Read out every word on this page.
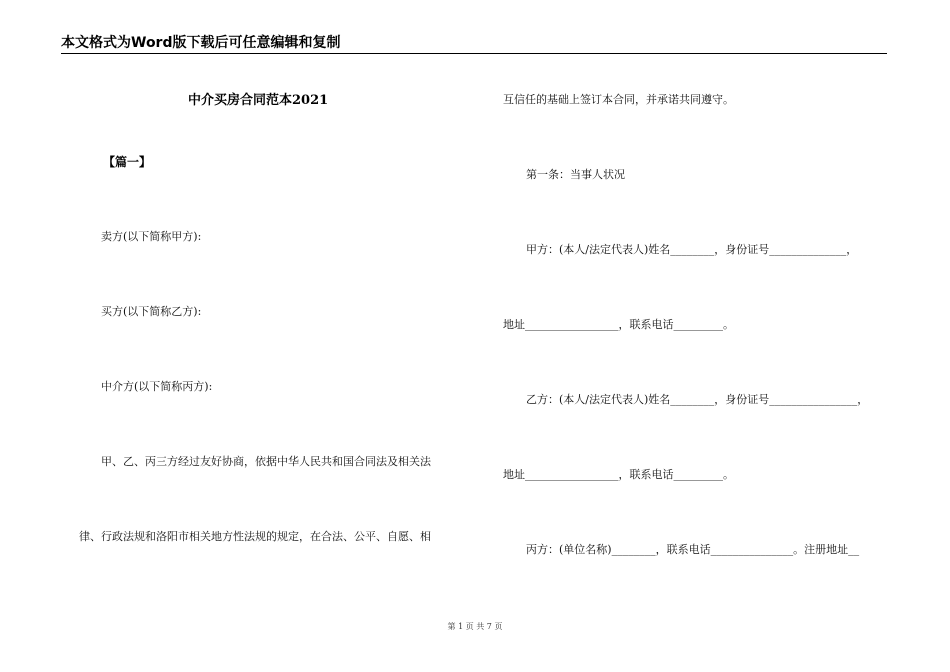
本文格式为Word版下载后可任意编辑和复制
中介买房合同范本2021
【篇一】
卖方(以下简称甲方):
买方(以下简称乙方):
中介方(以下简称丙方):
甲、乙、丙三方经过友好协商，依据中华人民共和国合同法及相关法
律、行政法规和洛阳市相关地方性法规的规定，在合法、公平、自愿、相
互信任的基础上签订本合同，并承诺共同遵守。
第一条：当事人状况
甲方：(本人/法定代表人)姓名________，身份证号______________，
地址_________________，联系电话_________。
乙方：(本人/法定代表人)姓名________，身份证号________________，
地址_________________，联系电话_________。
丙方：(单位名称)________，联系电话_______________。注册地址__
第 1 页 共 7 页
